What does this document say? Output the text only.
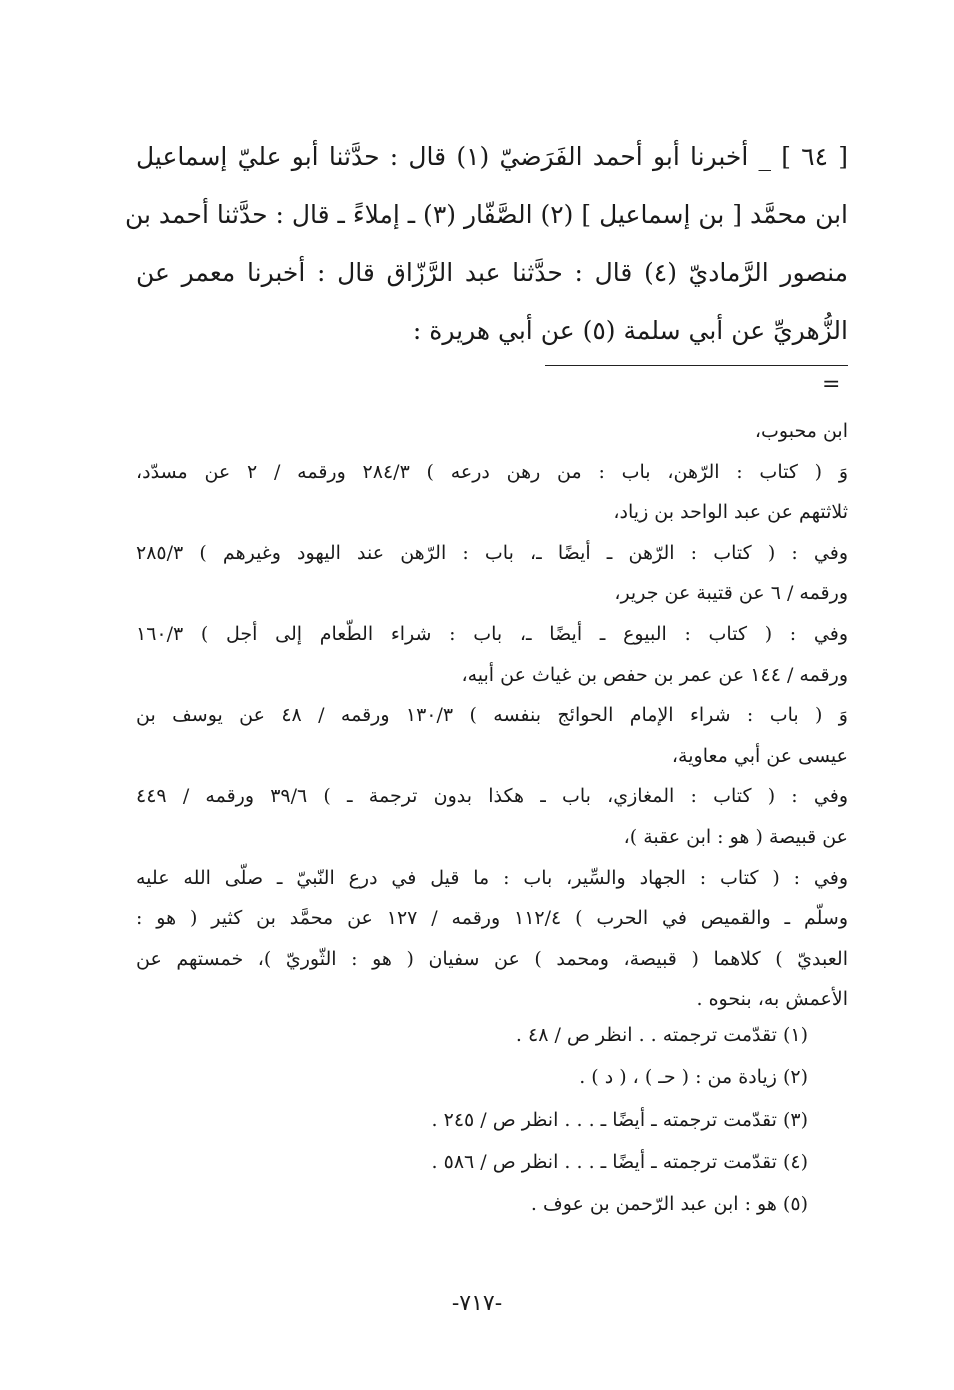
[ ٦٤ ] _ أخبرنا أبو أحمد الفَرَضيّ (١) قال : حدَّثنا أبو عليّ إسماعيل
ابن محمَّد [ بن إسماعيل ] (٢) الصَّفّار (٣) ـ إملاءً ـ قال : حدَّثنا أحمد بن
منصور الرَّماديّ (٤) قال : حدَّثنا عبد الرَّزّاق قال : أخبرنا معمر عن
الزُّهريِّ عن أبي سلمة (٥) عن أبي هريرة :
=
ابن محبوب،
وَ ( كتاب : الرّهن، باب : من رهن درعه ) ٢٨٤/٣ ورقمه / ٢ عن مسدّد،
ثلاثتهم عن عبد الواحد بن زياد،
وفي : ( كتاب : الرّهن ـ أيضًا ـ، باب : الرّهن عند اليهود وغيرهم ) ٢٨٥/٣
ورقمه / ٦ عن قتيبة عن جرير،
وفي : ( كتاب : البيوع ـ أيضًا ـ، باب : شراء الطّعام إلى أجل ) ١٦٠/٣
ورقمه / ١٤٤ عن عمر بن حفص بن غياث عن أبيه،
وَ ( باب : شراء الإمام الحوائج بنفسه ) ١٣٠/٣ ورقمه / ٤٨ عن يوسف بن
عيسى عن أبي معاوية،
وفي : ( كتاب : المغازي، باب ـ هكذا بدون ترجمة ـ ) ٣٩/٦ ورقمه / ٤٤٩
عن قبيصة ( هو : ابن عقبة )،
وفي : ( كتاب : الجهاد والسِّير، باب : ما قيل في درع النّبيّ ـ صلّى الله عليه
وسلّم ـ والقميص في الحرب ) ١١٢/٤ ورقمه / ١٢٧ عن محمَّد بن كثير ( هو :
العبديّ ) كلاهما ( قبيصة، ومحمد ) عن سفيان ( هو : الثّوريّ )، خمستهم عن
الأعمش به، بنحوه .
(١) تقدّمت ترجمته . . انظر ص / ٤٨ .
(٢) زيادة من : ( حـ ) ، ( د ) .
(٣) تقدّمت ترجمته ـ أيضًا ـ . . . انظر ص / ٢٤٥ .
(٤) تقدّمت ترجمته ـ أيضًا ـ . . . انظر ص / ٥٨٦ .
(٥) هو : ابن عبد الرّحمن بن عوف .
-٧١٧-
